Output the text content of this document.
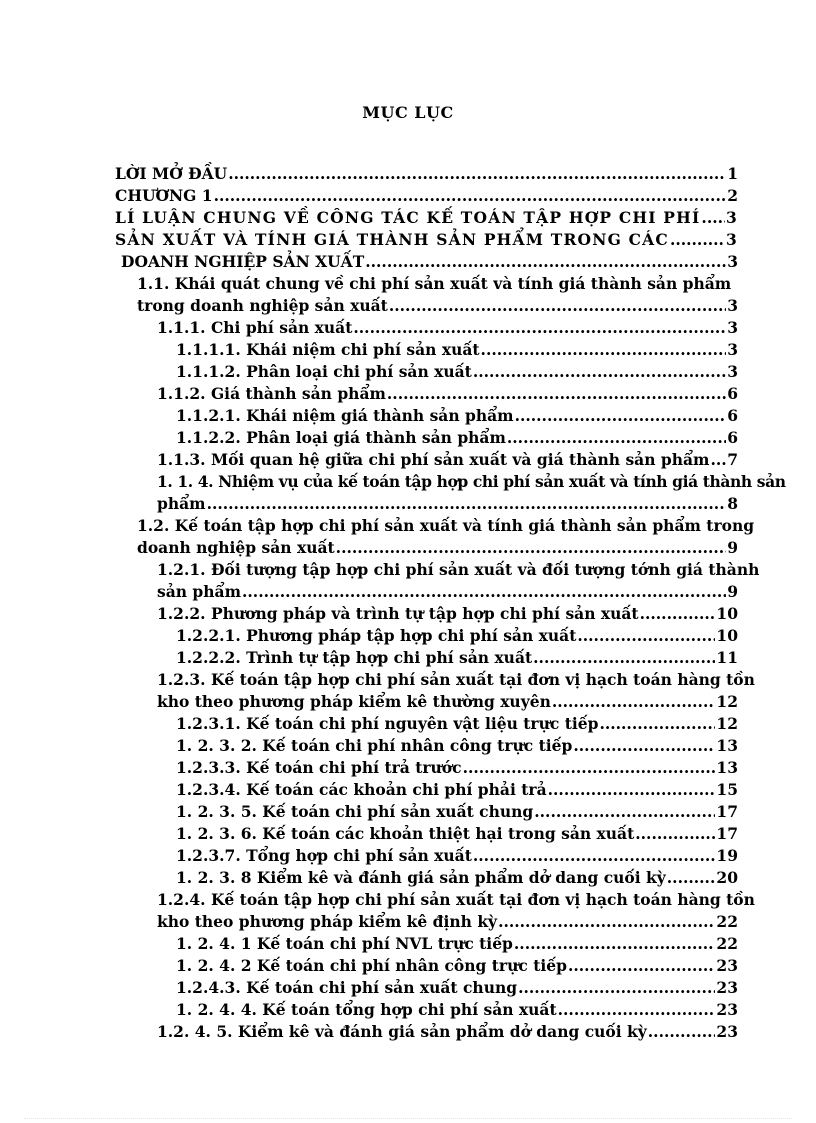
MỤC LỤC
LỜI MỞ ĐẦU .....	1
CHƯƠNG 1 .....	2
LÍ LUẬN CHUNG VỀ CÔNG TÁC KẾ TOÁN TẬP HỢP CHI PHÍ ..... 3
SẢN XUẤT VÀ TÍNH GIÁ THÀNH SẢN PHẨM TRONG CÁC .....	3
DOANH NGHIỆP SẢN XUẤT .....	3
1.1. Khái quát chung về chi phí sản xuất và tính giá thành sản phẩm
trong doanh nghiệp sản xuất .....	3
1.1.1. Chi phí sản xuất .....	3
1.1.1.1. Khái niệm chi phí sản xuất .....	3
1.1.1.2. Phân loại chi phí sản xuất .....	3
1.1.2. Giá thành sản phẩm .....	6
1.1.2.1. Khái niệm giá thành sản phẩm .....	6
1.1.2.2. Phân loại giá thành sản phẩm .....	6
1.1.3. Mối quan hệ giữa chi phí sản xuất và giá thành sản phẩm ..... 7
1. 1. 4. Nhiệm vụ của kế toán tập hợp chi phí sản xuất và tính giá thành sản
phẩm .....	8
1.2. Kế toán tập hợp chi phí sản xuất và tính giá thành sản phẩm trong
doanh nghiệp sản xuất .....	9
1.2.1. Đối tượng tập hợp chi phí sản xuất và đối tượng tớnh giá thành
sản phẩm .....	9
1.2.2. Phương pháp và trình tự tập hợp chi phí sản xuất .....	10
1.2.2.1. Phương pháp tập hợp chi phí sản xuất .....	10
1.2.2.2. Trình tự tập hợp chi phí sản xuất .....	11
1.2.3. Kế toán tập hợp chi phí sản xuất tại đơn vị hạch toán hàng tồn
kho theo phương pháp kiểm kê thường xuyên .....	12
1.2.3.1. Kế toán chi phí nguyên vật liệu trực tiếp .....	12
1. 2. 3. 2. Kế toán chi phí nhân công trực tiếp .....	13
1.2.3.3. Kế toán chi phí trả trước .....	13
1.2.3.4. Kế toán các khoản chi phí phải trả .....	15
1. 2. 3. 5. Kế toán chi phí sản xuất chung .....	17
1. 2. 3. 6. Kế toán các khoản thiệt hại trong sản xuất .....	17
1.2.3.7. Tổng hợp chi phí sản xuất .....	19
1. 2. 3. 8 Kiểm kê và đánh giá sản phẩm dở dang cuối kỳ .....	20
1.2.4. Kế toán tập hợp chi phí sản xuất tại đơn vị hạch toán hàng tồn
kho theo phương pháp kiểm kê định kỳ .....	22
1. 2. 4. 1 Kế toán chi phí NVL trực tiếp .....	22
1. 2. 4. 2 Kế toán chi phí nhân công trực tiếp .....	23
1.2.4.3. Kế toán chi phí sản xuất chung .....	23
1. 2. 4. 4. Kế toán tổng hợp chi phí sản xuất .....	23
1.2. 4. 5. Kiểm kê và đánh giá sản phẩm dở dang cuối kỳ .....	23
